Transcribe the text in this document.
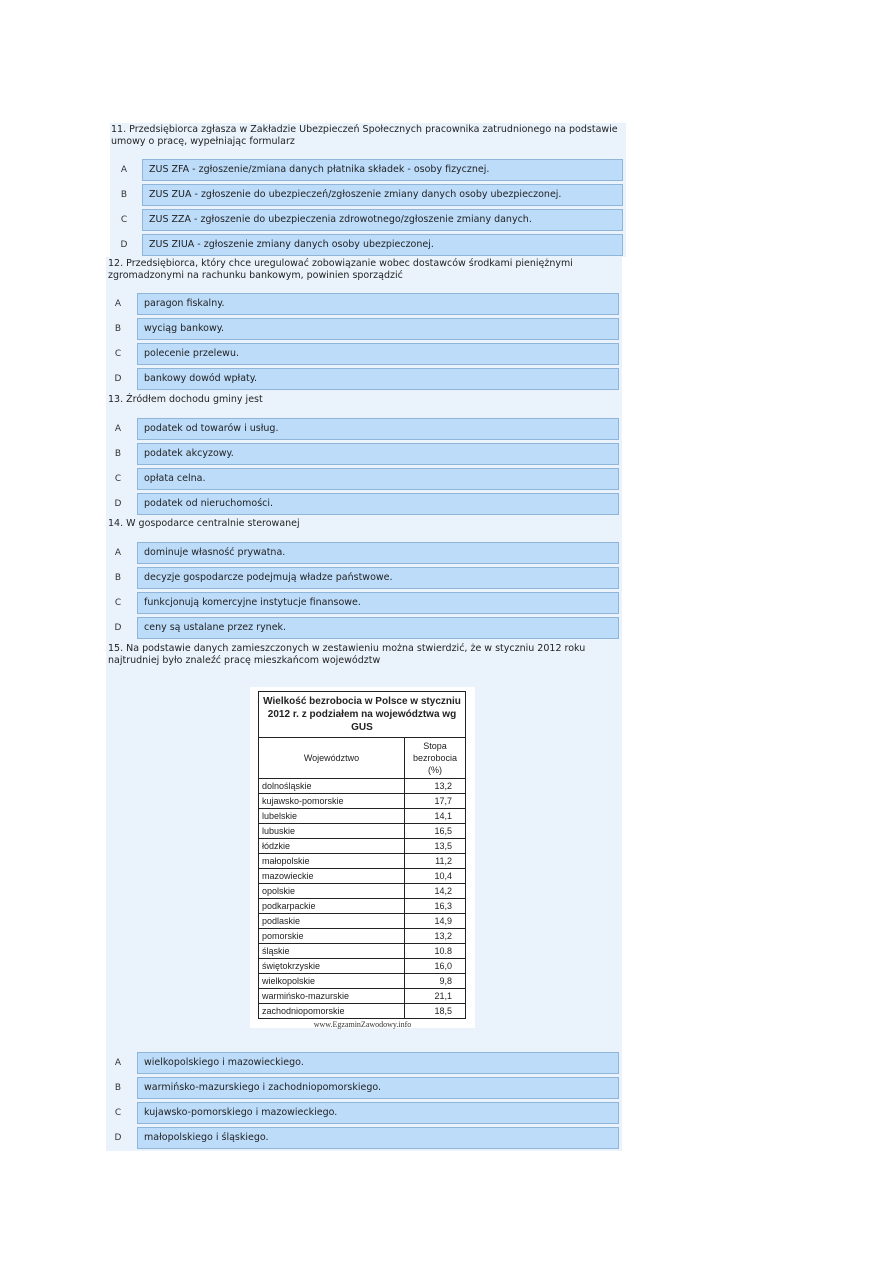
11. Przedsiębiorca zgłasza w Zakładzie Ubezpieczeń Społecznych pracownika zatrudnionego na podstawie umowy o pracę, wypełniając formularz
A	ZUS ZFA - zgłoszenie/zmiana danych płatnika składek - osoby fizycznej.
B	ZUS ZUA - zgłoszenie do ubezpieczeń/zgłoszenie zmiany danych osoby ubezpieczonej.
C	ZUS ZZA - zgłoszenie do ubezpieczenia zdrowotnego/zgłoszenie zmiany danych.
D	ZUS ZIUA - zgłoszenie zmiany danych osoby ubezpieczonej.
12. Przedsiębiorca, który chce uregulować zobowiązanie wobec dostawców środkami pieniężnymi zgromadzonymi na rachunku bankowym, powinien sporządzić
A	paragon fiskalny.
B	wyciąg bankowy.
C	polecenie przelewu.
D	bankowy dowód wpłaty.
13. Źródłem dochodu gminy jest
A	podatek od towarów i usług.
B	podatek akcyzowy.
C	opłata celna.
D	podatek od nieruchomości.
14. W gospodarce centralnie sterowanej
A	dominuje własność prywatna.
B	decyzje gospodarcze podejmują władze państwowe.
C	funkcjonują komercyjne instytucje finansowe.
D	ceny są ustalane przez rynek.
15. Na podstawie danych zamieszczonych w zestawieniu można stwierdzić, że w styczniu 2012 roku najtrudniej było znaleźć pracę mieszkańcom województw
Wielkość bezrobocia w Polsce w styczniu 2012 r. z podziałem na województwa wg GUS	
Województwo	Stopa bezrobocia (%)
dolnośląskie	13,2
kujawsko-pomorskie	17,7
lubelskie	14,1
lubuskie	16,5
łódzkie	13,5
małopolskie	11,2
mazowieckie	10,4
opolskie	14,2
podkarpackie	16,3
podlaskie	14,9
pomorskie	13,2
śląskie	10.8
świętokrzyskie	16,0
wielkopolskie	9,8
warmińsko-mazurskie	21,1
zachodniopomorskie	18,5
www.EgzaminZawodowy.info
A	wielkopolskiego i mazowieckiego.
B	warmińsko-mazurskiego i zachodniopomorskiego.
C	kujawsko-pomorskiego i mazowieckiego.
D	małopolskiego i śląskiego.
